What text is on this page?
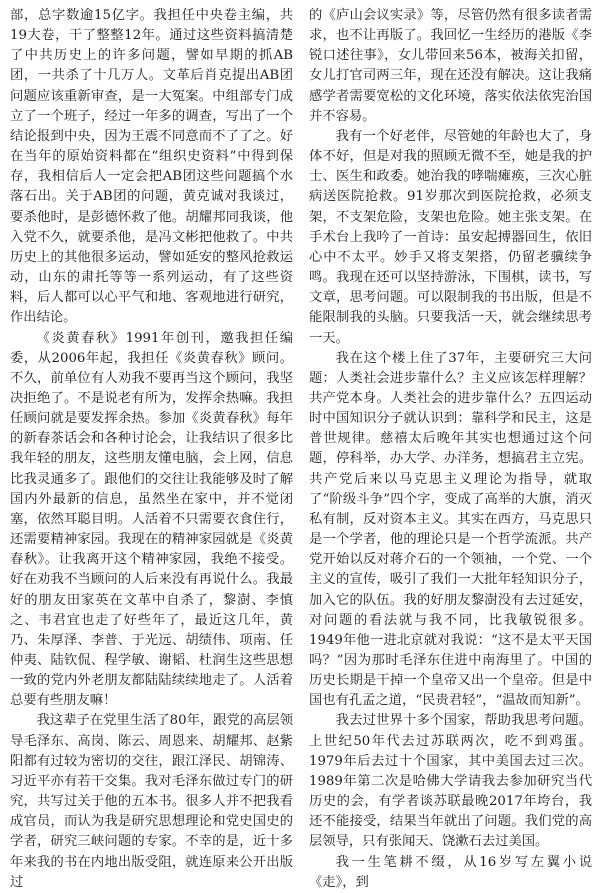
部，总字数逾15亿字。我担任中央卷主编，共19大卷，干了整整12年。通过这些资料搞清楚了中共历史上的许多问题，譬如早期的抓AB团，一共杀了十几万人。文革后肖克提出AB团问题应该重新审查，是一大冤案。中组部专门成立了一个班子，经过一年多的调查，写出了一个结论报到中央，因为王震不同意而不了了之。好在当年的原始资料都在“组织史资料”中得到保存，我相信后人一定会把AB团这些问题搞个水落石出。关于AB团的问题，黄克诚对我谈过，要杀他时，是彭德怀救了他。胡耀邦同我谈，他入党不久，就要杀他，是冯文彬把他救了。中共历史上的其他很多运动，譬如延安的整风抢救运动，山东的肃托等等一系列运动，有了这些资料，后人都可以心平气和地、客观地进行研究，作出结论。

《炎黄春秋》1991年创刊，邀我担任编委，从2006年起，我担任《炎黄春秋》顾问。不久，前单位有人劝我不要再当这个顾问，我坚决拒绝了。不是说老有所为，发挥余热嘛。我担任顾问就是要发挥余热。参加《炎黄春秋》每年的新春茶话会和各种讨论会，让我结识了很多比我年轻的朋友，这些朋友懂电脑，会上网，信息比我灵通多了。跟他们的交往让我能够及时了解国内外最新的信息，虽然坐在家中，并不觉闭塞，依然耳聪目明。人活着不只需要衣食住行，还需要精神家园。我现在的精神家园就是《炎黄春秋》。让我离开这个精神家园，我绝不接受。好在劝我不当顾问的人后来没有再说什么。我最好的朋友田家英在文革中自杀了，黎澍、李慎之、韦君宜也走了好些年了，最近这几年，黄乃、朱厚泽、李普、于光远、胡绩伟、项南、任仲夷、陆钦侃、程学敏、谢韬、杜润生这些思想一致的党内外老朋友都陆陆续续地走了。人活着总要有些朋友嘛！

我这辈子在党里生活了80年，跟党的高层领导毛泽东、高岗、陈云、周恩来、胡耀邦、赵紫阳都有过较为密切的交往，跟江泽民、胡锦涛、习近平亦有若干交集。我对毛泽东做过专门的研究，共写过关于他的五本书。很多人并不把我看成官员，而认为我是研究思想理论和党史国史的学者，研究三峡问题的专家。不幸的是，近十多年来我的书在内地出版受阻，就连原来公开出版过

的《庐山会议实录》等，尽管仍然有很多读者需求，也不让再版了。我回忆一生经历的港版《李锐口述往事》，女儿带回来56本，被海关扣留，女儿打官司两三年，现在还没有解决。这让我痛感学者需要宽松的文化环境，落实依法依宪治国并不容易。

我有一个好老伴，尽管她的年龄也大了，身体不好，但是对我的照顾无微不至，她是我的护士、医生和政委。她治我的哮喘瘫痪，三次心脏病送医院抢救。91岁那次到医院抢救，必须支架，不支架危险，支架也危险。她主张支架。在手术台上我吟了一首诗：虽安起搏器回生，依旧心中不太平。妙手又将支架搭，仍留老骥续争鸣。我现在还可以坚持游泳，下围棋，读书，写文章，思考问题。可以限制我的书出版，但是不能限制我的头脑。只要我活一天，就会继续思考一天。

我在这个楼上住了37年，主要研究三大问题：人类社会进步靠什么？主义应该怎样理解？共产党本身。人类社会的进步靠什么？五四运动时中国知识分子就认识到：靠科学和民主，这是普世规律。慈禧太后晚年其实也想通过这个问题，停科举，办大学、办洋务，想搞君主立宪。共产党后来以马克思主义理论为指导，就取了“阶级斗争”四个字，变成了高举的大旗，消灭私有制，反对资本主义。其实在西方，马克思只是一个学者，他的理论只是一个哲学流派。共产党开始以反对蒋介石的一个领袖，一个党、一个主义的宣传，吸引了我们一大批年轻知识分子，加入它的队伍。我的好朋友黎澍没有去过延安，对问题的看法就与我不同，比我敏锐很多。1949年他一进北京就对我说：“这不是太平天国吗？”因为那时毛泽东住进中南海里了。中国的历史长期是干掉一个皇帝又出一个皇帝。但是中国也有孔孟之道，“民贵君轻”，“温故而知新”。

我去过世界十多个国家，帮助我思考问题。上世纪50年代去过苏联两次，吃不到鸡蛋。1979年后去过十个国家，其中美国去过三次。1989年第二次是哈佛大学请我去参加研究当代历史的会，有学者谈苏联最晚2017年垮台，我还不能接受，结果当年就出了问题。我们党的高层领导，只有张闻天、饶漱石去过美国。

我一生笔耕不缀，从16岁写左翼小说《走》，到
